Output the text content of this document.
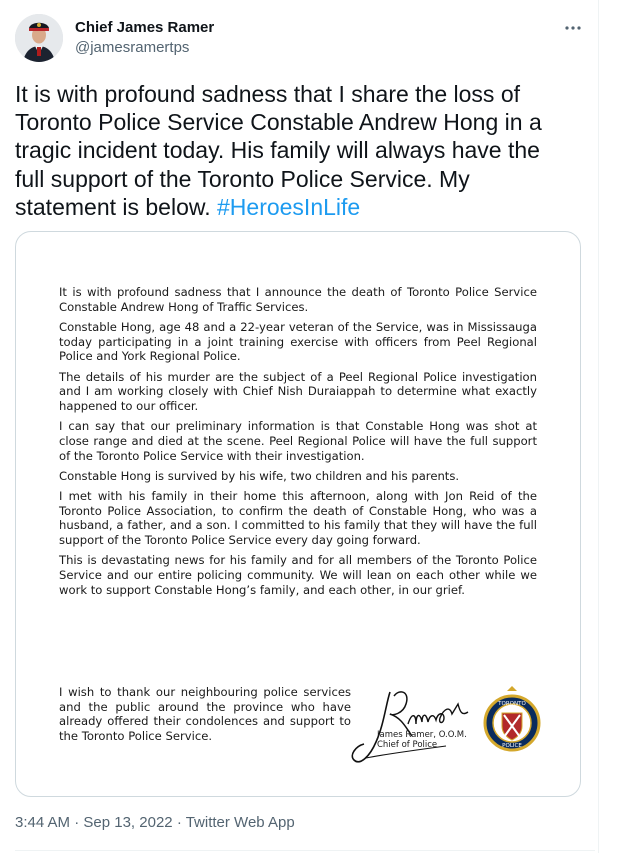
Chief James Ramer
@jamesramertps
It is with profound sadness that I share the loss of Toronto Police Service Constable Andrew Hong in a tragic incident today. His family will always have the full support of the Toronto Police Service. My statement is below. #HeroesInLife

It is with profound sadness that I announce the death of Toronto Police Service Constable Andrew Hong of Traffic Services.

Constable Hong, age 48 and a 22-year veteran of the Service, was in Mississauga today participating in a joint training exercise with officers from Peel Regional Police and York Regional Police.

The details of his murder are the subject of a Peel Regional Police investigation and I am working closely with Chief Nish Duraiappah to determine what exactly happened to our officer.

I can say that our preliminary information is that Constable Hong was shot at close range and died at the scene. Peel Regional Police will have the full support of the Toronto Police Service with their investigation.

Constable Hong is survived by his wife, two children and his parents.

I met with his family in their home this afternoon, along with Jon Reid of the Toronto Police Association, to confirm the death of Constable Hong, who was a husband, a father, and a son. I committed to his family that they will have the full support of the Toronto Police Service every day going forward.

This is devastating news for his family and for all members of the Toronto Police Service and our entire policing community. We will lean on each other while we work to support Constable Hong’s family, and each other, in our grief.

I wish to thank our neighbouring police services and the public around the province who have already offered their condolences and support to the Toronto Police Service.	James Ramer, O.O.M.
Chief of Police
TORONTO
POLICE
3:44 AM · Sep 13, 2022 · Twitter Web App
